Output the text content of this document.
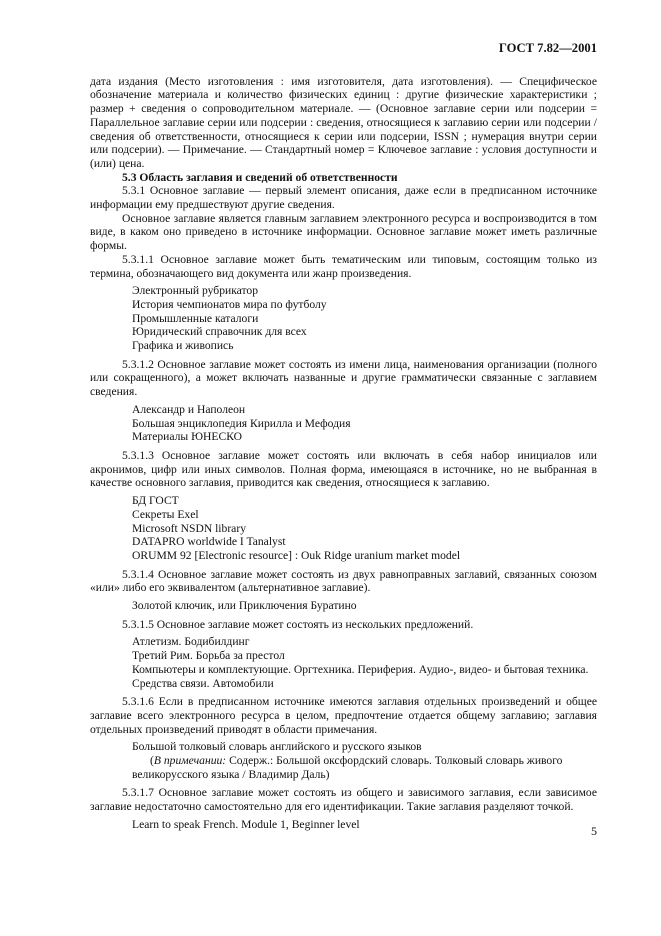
ГОСТ 7.82—2001

дата издания (Место изготовления : имя изготовителя, дата изготовления). — Специфическое обозначение материала и количество физических единиц : другие физические характеристики ; размер + сведения о сопроводительном материале. — (Основное заглавие серии или подсерии = Параллельное заглавие серии или подсерии : сведения, относящиеся к заглавию серии или подсерии / сведения об ответственности, относящиеся к серии или подсерии, ISSN ; нумерация внутри серии или подсерии). — Примечание. — Стандартный номер = Ключевое заглавие : условия доступности и (или) цена.

5.3 Область заглавия и сведений об ответственности

5.3.1 Основное заглавие — первый элемент описания, даже если в предписанном источнике информации ему предшествуют другие сведения.

Основное заглавие является главным заглавием электронного ресурса и воспроизводится в том виде, в каком оно приведено в источнике информации. Основное заглавие может иметь различные формы.

5.3.1.1 Основное заглавие может быть тематическим или типовым, состоящим только из термина, обозначающего вид документа или жанр произведения.

Электронный рубрикатор
История чемпионатов мира по футболу
Промышленные каталоги
Юридический справочник для всех
Графика и живопись

5.3.1.2 Основное заглавие может состоять из имени лица, наименования организации (полного или сокращенного), а может включать названные и другие грамматически связанные с заглавием сведения.

Александр и Наполеон
Большая энциклопедия Кирилла и Мефодия
Материалы ЮНЕСКО

5.3.1.3 Основное заглавие может состоять или включать в себя набор инициалов или акронимов, цифр или иных символов. Полная форма, имеющаяся в источнике, но не выбранная в качестве основного заглавия, приводится как сведения, относящиеся к заглавию.

БД ГОСТ
Секреты Exel
Microsoft NSDN library
DATAPRO worldwide I Tanalyst
ORUMM 92 [Electronic resource] : Ouk Ridge uranium market model

5.3.1.4 Основное заглавие может состоять из двух равноправных заглавий, связанных союзом «или» либо его эквивалентом (альтернативное заглавие).

Золотой ключик, или Приключения Буратино

5.3.1.5 Основное заглавие может состоять из нескольких предложений.

Атлетизм. Бодибилдинг
Третий Рим. Борьба за престол
Компьютеры и комплектующие. Оргтехника. Периферия. Аудио-, видео- и бытовая техника. Средства связи. Автомобили

5.3.1.6 Если в предписанном источнике имеются заглавия отдельных произведений и общее заглавие всего электронного ресурса в целом, предпочтение отдается общему заглавию; заглавия отдельных произведений приводят в области примечания.

Большой толковый словарь английского и русского языков
(В примечании: Содерж.: Большой оксфордский словарь. Толковый словарь живого великорусского языка / Владимир Даль)

5.3.1.7 Основное заглавие может состоять из общего и зависимого заглавия, если зависимое заглавие недостаточно самостоятельно для его идентификации. Такие заглавия разделяют точкой.

Learn to speak French. Module 1, Beginner level	5
